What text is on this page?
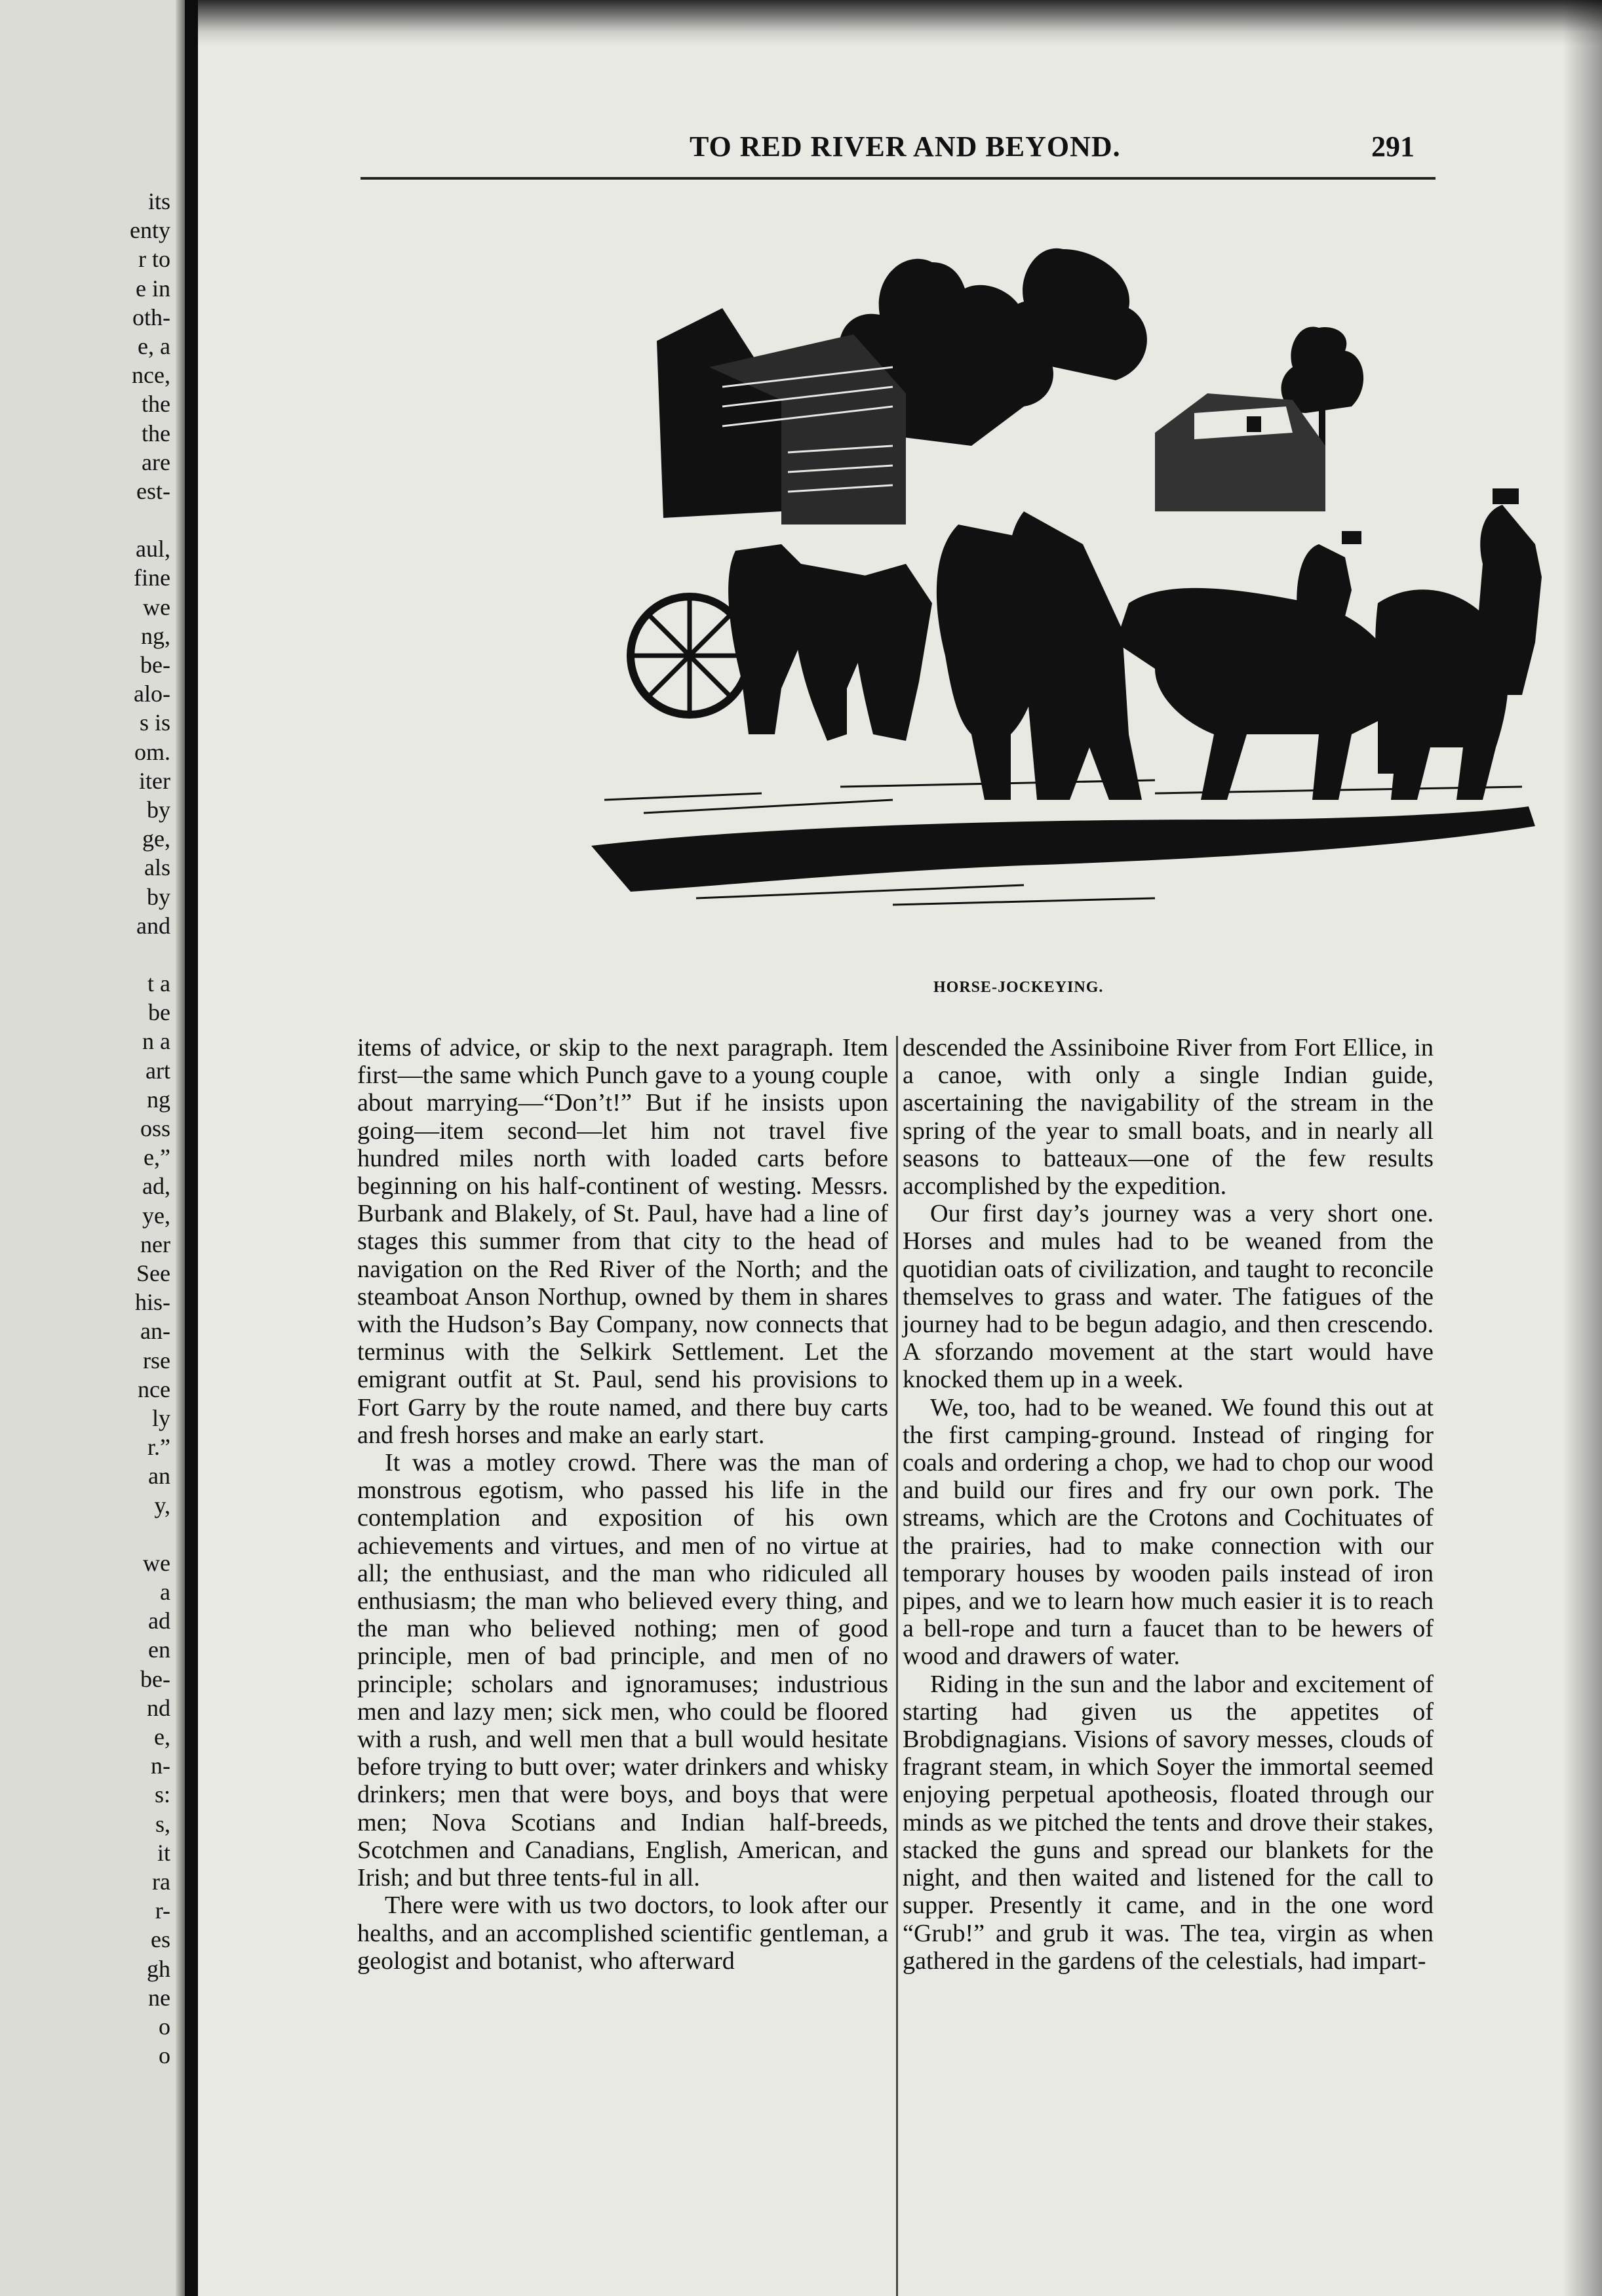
its
enty
r to
e in
oth-
e, a
nce,
the
the
are
est-
aul,
fine
we
ng,
be-
alo-
s is
om.
iter
by
ge,
als
by
and
t a
be
n a
art
ng
oss
e,”
ad,
ye,
ner
See
his-
an-
rse
nce
ly
r.”
an
y,
we
a
ad
en
be-
nd
e,
n-
s:
s,
it
ra
r-
es
gh
ne
o
o
TO RED RIVER AND BEYOND.	291
HORSE-JOCKEYING.

items of advice, or skip to the next paragraph. Item first—the same which Punch gave to a young couple about marrying—“Don’t!” But if he insists upon going—item second—let him not travel five hundred miles north with loaded carts before beginning on his half-continent of westing. Messrs. Burbank and Blakely, of St. Paul, have had a line of stages this summer from that city to the head of navigation on the Red River of the North; and the steamboat Anson Northup, owned by them in shares with the Hudson’s Bay Company, now connects that terminus with the Selkirk Settlement. Let the emigrant outfit at St. Paul, send his provisions to Fort Garry by the route named, and there buy carts and fresh horses and make an early start.

It was a motley crowd. There was the man of monstrous egotism, who passed his life in the contemplation and exposition of his own achievements and virtues, and men of no virtue at all; the enthusiast, and the man who ridiculed all enthusiasm; the man who believed every thing, and the man who believed nothing; men of good principle, men of bad principle, and men of no principle; scholars and ignoramuses; industrious men and lazy men; sick men, who could be floored with a rush, and well men that a bull would hesitate before trying to butt over; water drinkers and whisky drinkers; men that were boys, and boys that were men; Nova Scotians and Indian half-breeds, Scotchmen and Canadians, English, American, and Irish; and but three tents-ful in all.

There were with us two doctors, to look after our healths, and an accomplished scientific gentleman, a geologist and botanist, who afterward

descended the Assiniboine River from Fort Ellice, in a canoe, with only a single Indian guide, ascertaining the navigability of the stream in the spring of the year to small boats, and in nearly all seasons to batteaux—one of the few results accomplished by the expedition.

Our first day’s journey was a very short one. Horses and mules had to be weaned from the quotidian oats of civilization, and taught to reconcile themselves to grass and water. The fatigues of the journey had to be begun adagio, and then crescendo. A sforzando movement at the start would have knocked them up in a week.

We, too, had to be weaned. We found this out at the first camping-ground. Instead of ringing for coals and ordering a chop, we had to chop our wood and build our fires and fry our own pork. The streams, which are the Crotons and Cochituates of the prairies, had to make connection with our temporary houses by wooden pails instead of iron pipes, and we to learn how much easier it is to reach a bell-rope and turn a faucet than to be hewers of wood and drawers of water.

Riding in the sun and the labor and excitement of starting had given us the appetites of Brobdignagians. Visions of savory messes, clouds of fragrant steam, in which Soyer the immortal seemed enjoying perpetual apotheosis, floated through our minds as we pitched the tents and drove their stakes, stacked the guns and spread our blankets for the night, and then waited and listened for the call to supper. Presently it came, and in the one word “Grub!” and grub it was. The tea, virgin as when gathered in the gardens of the celestials, had impart-
